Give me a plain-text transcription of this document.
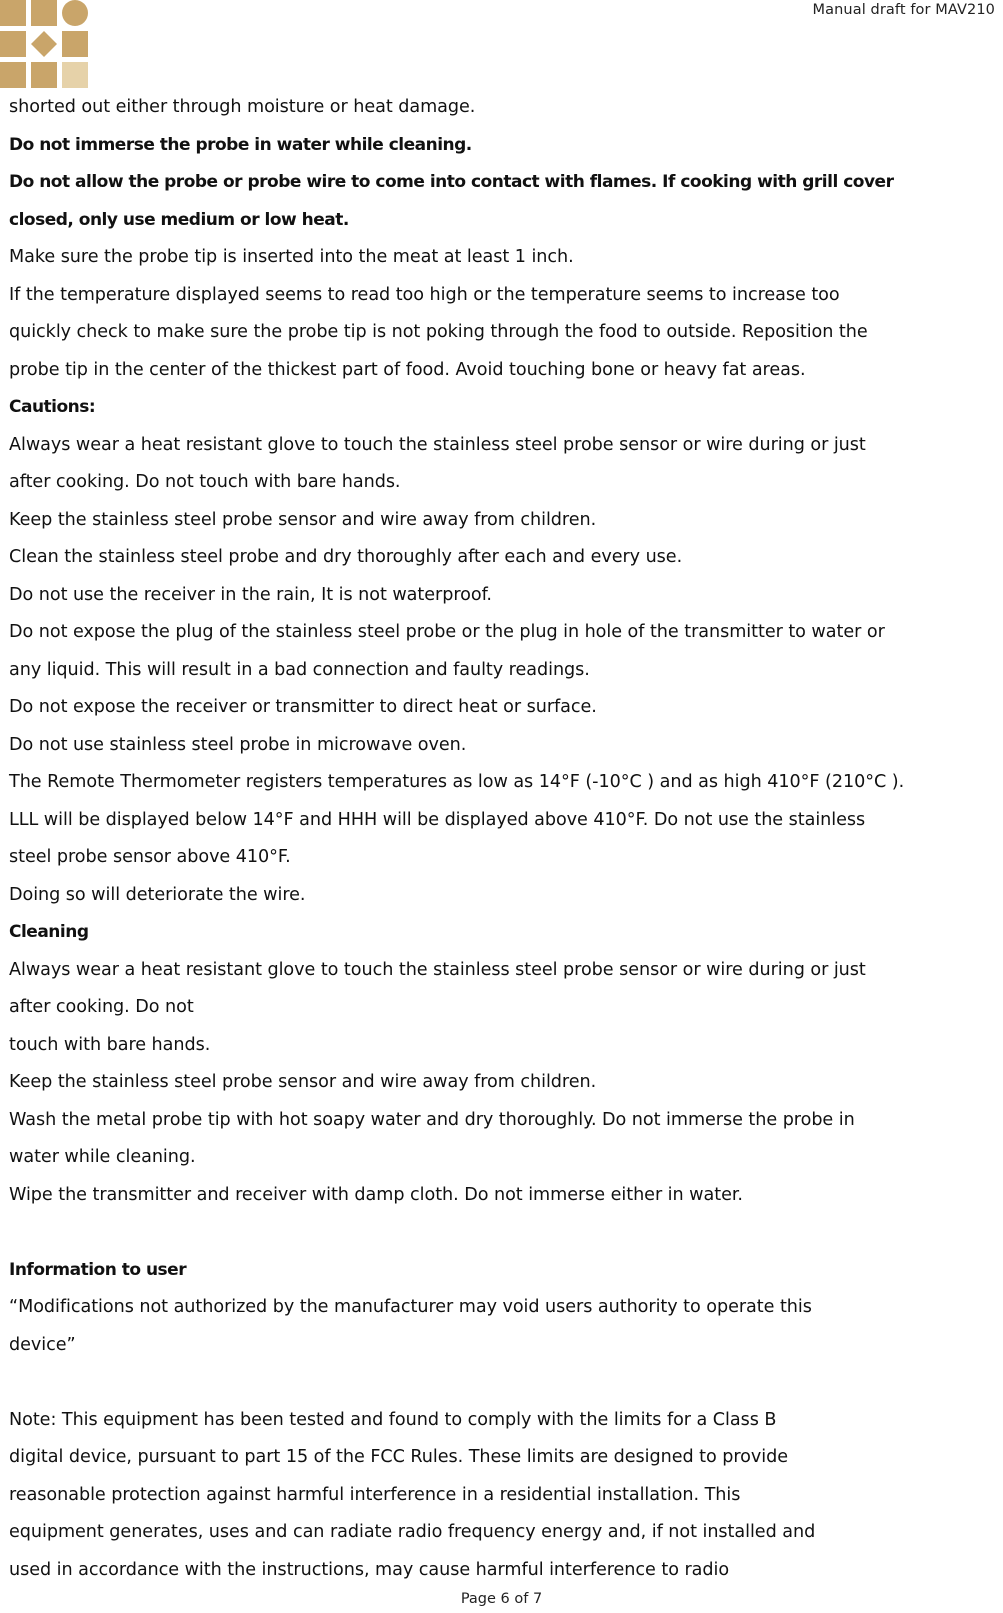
Manual draft for MAV210
shorted out either through moisture or heat damage.
Do not immerse the probe in water while cleaning.
Do not allow the probe or probe wire to come into contact with flames. If cooking with grill cover
closed, only use medium or low heat.
Make sure the probe tip is inserted into the meat at least 1 inch.
If the temperature displayed seems to read too high or the temperature seems to increase too
quickly check to make sure the probe tip is not poking through the food to outside. Reposition the
probe tip in the center of the thickest part of food. Avoid touching bone or heavy fat areas.
Cautions:
Always wear a heat resistant glove to touch the stainless steel probe sensor or wire during or just
after cooking. Do not touch with bare hands.
Keep the stainless steel probe sensor and wire away from children.
Clean the stainless steel probe and dry thoroughly after each and every use.
Do not use the receiver in the rain, It is not waterproof.
Do not expose the plug of the stainless steel probe or the plug in hole of the transmitter to water or
any liquid. This will result in a bad connection and faulty readings.
Do not expose the receiver or transmitter to direct heat or surface.
Do not use stainless steel probe in microwave oven.
The Remote Thermometer registers temperatures as low as 14°F (-10°C ) and as high 410°F (210°C ).
LLL will be displayed below 14°F and HHH will be displayed above 410°F. Do not use the stainless
steel probe sensor above 410°F.
Doing so will deteriorate the wire.
Cleaning
Always wear a heat resistant glove to touch the stainless steel probe sensor or wire during or just
after cooking. Do not
touch with bare hands.
Keep the stainless steel probe sensor and wire away from children.
Wash the metal probe tip with hot soapy water and dry thoroughly. Do not immerse the probe in
water while cleaning.
Wipe the transmitter and receiver with damp cloth. Do not immerse either in water.
Information to user
“Modifications not authorized by the manufacturer may void users authority to operate this
device”
Note: This equipment has been tested and found to comply with the limits for a Class B
digital device, pursuant to part 15 of the FCC Rules. These limits are designed to provide
reasonable protection against harmful interference in a residential installation. This
equipment generates, uses and can radiate radio frequency energy and, if not installed and
used in accordance with the instructions, may cause harmful interference to radio
Page 6 of 7
